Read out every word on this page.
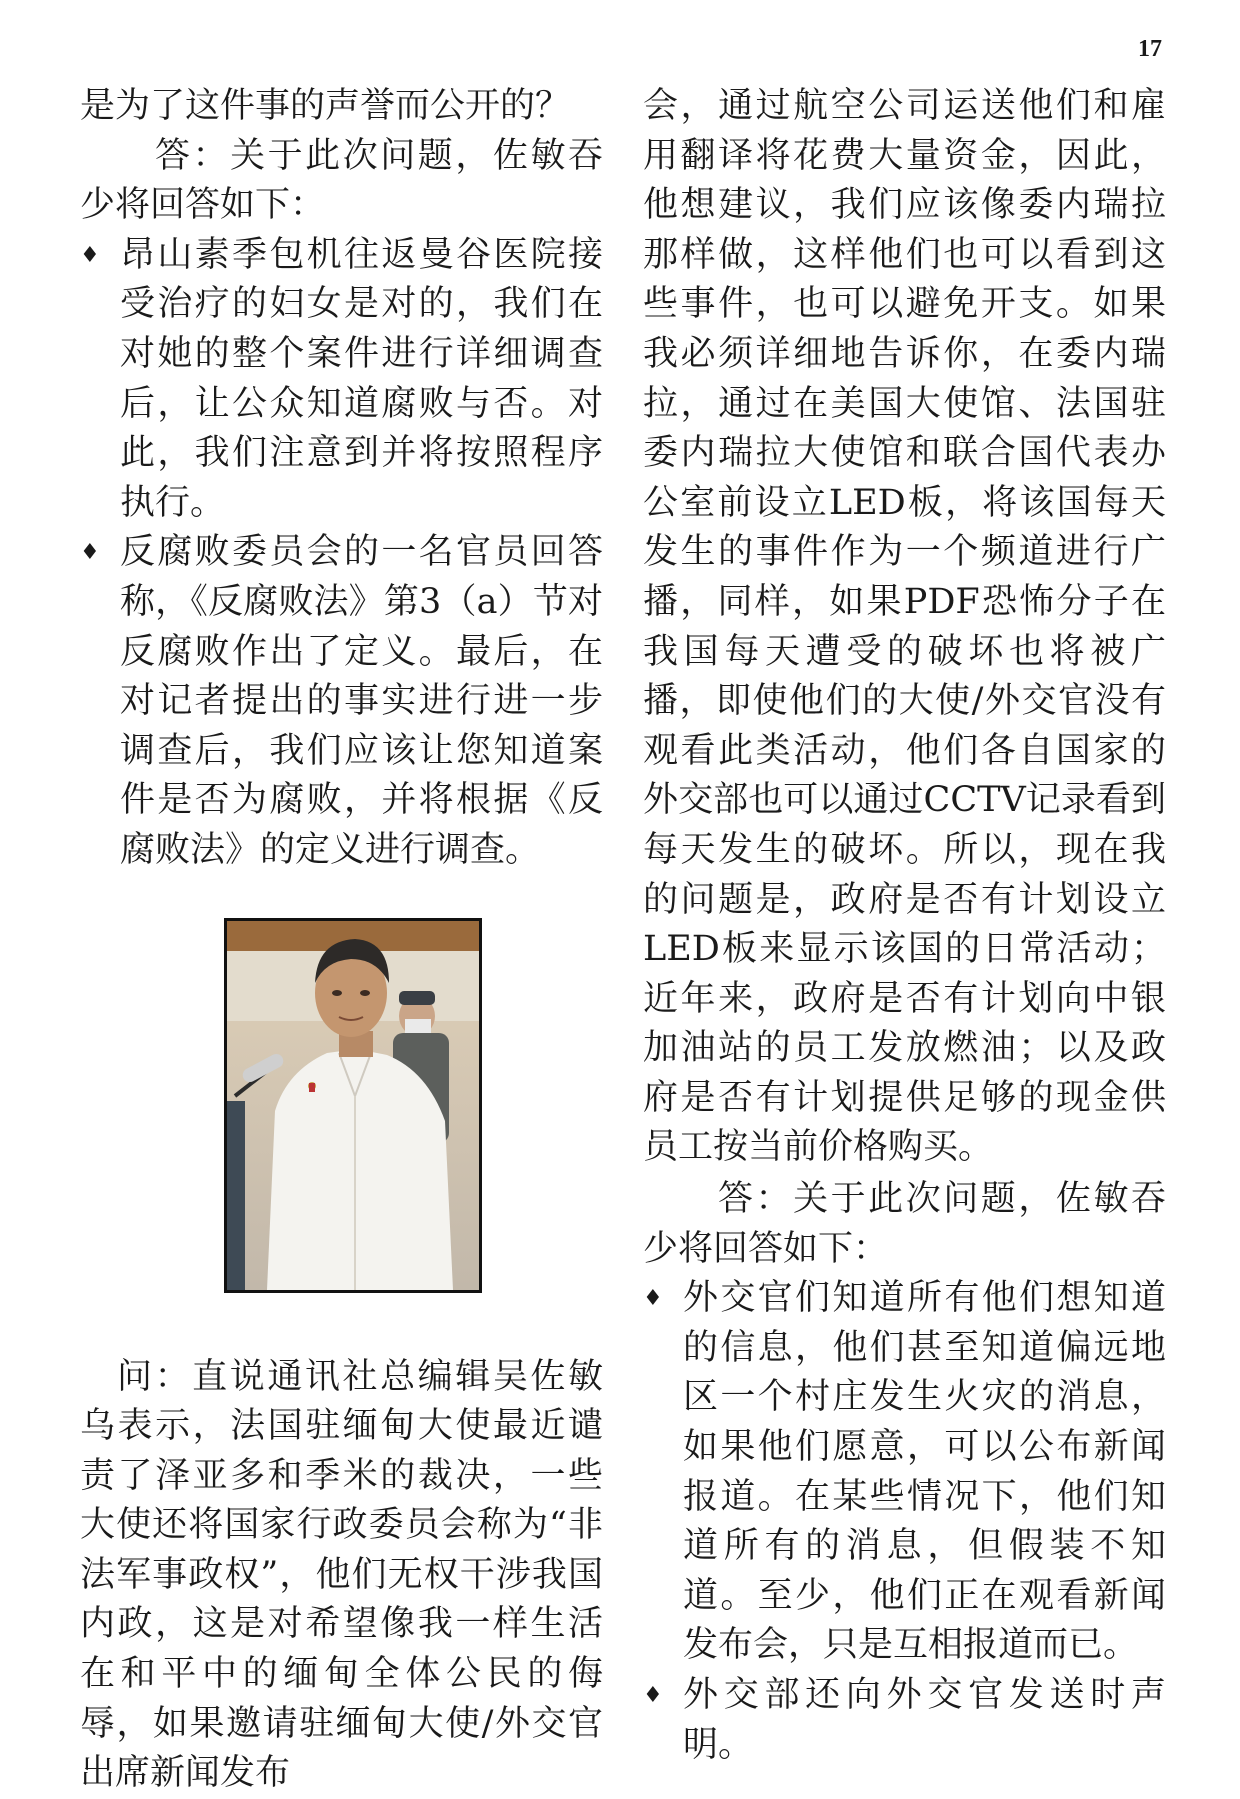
17

是为了这件事的声誉而公开的？

答：关于此次问题，佐敏吞少将回答如下：

♦ 昂山素季包机往返曼谷医院接受治疗的妇女是对的，我们在对她的整个案件进行详细调查后，让公众知道腐败与否。对此，我们注意到并将按照程序执行。
♦ 反腐败委员会的一名官员回答称，《反腐败法》第3（a）节对反腐败作出了定义。最后，在对记者提出的事实进行进一步调查后，我们应该让您知道案件是否为腐败，并将根据《反腐败法》的定义进行调查。

问：直说通讯社总编辑吴佐敏乌表示，法国驻缅甸大使最近谴责了泽亚多和季米的裁决，一些大使还将国家行政委员会称为“非法军事政权”，他们无权干涉我国内政，这是对希望像我一样生活在和平中的缅甸全体公民的侮辱，如果邀请驻缅甸大使/外交官出席新闻发布

会，通过航空公司运送他们和雇用翻译将花费大量资金，因此，他想建议，我们应该像委内瑞拉那样做，这样他们也可以看到这些事件，也可以避免开支。如果我必须详细地告诉你，在委内瑞拉，通过在美国大使馆、法国驻委内瑞拉大使馆和联合国代表办公室前设立LED板，将该国每天发生的事件作为一个频道进行广播，同样，如果PDF恐怖分子在我国每天遭受的破坏也将被广播，即使他们的大使/外交官没有观看此类活动，他们各自国家的外交部也可以通过CCTV记录看到每天发生的破坏。所以，现在我的问题是，政府是否有计划设立LED板来显示该国的日常活动；近年来，政府是否有计划向中银加油站的员工发放燃油；以及政府是否有计划提供足够的现金供员工按当前价格购买。

答：关于此次问题，佐敏吞少将回答如下：

♦ 外交官们知道所有他们想知道的信息，他们甚至知道偏远地区一个村庄发生火灾的消息，如果他们愿意，可以公布新闻报道。在某些情况下，他们知道所有的消息，但假装不知道。至少，他们正在观看新闻发布会，只是互相报道而已。
♦ 外交部还向外交官发送时声明。
